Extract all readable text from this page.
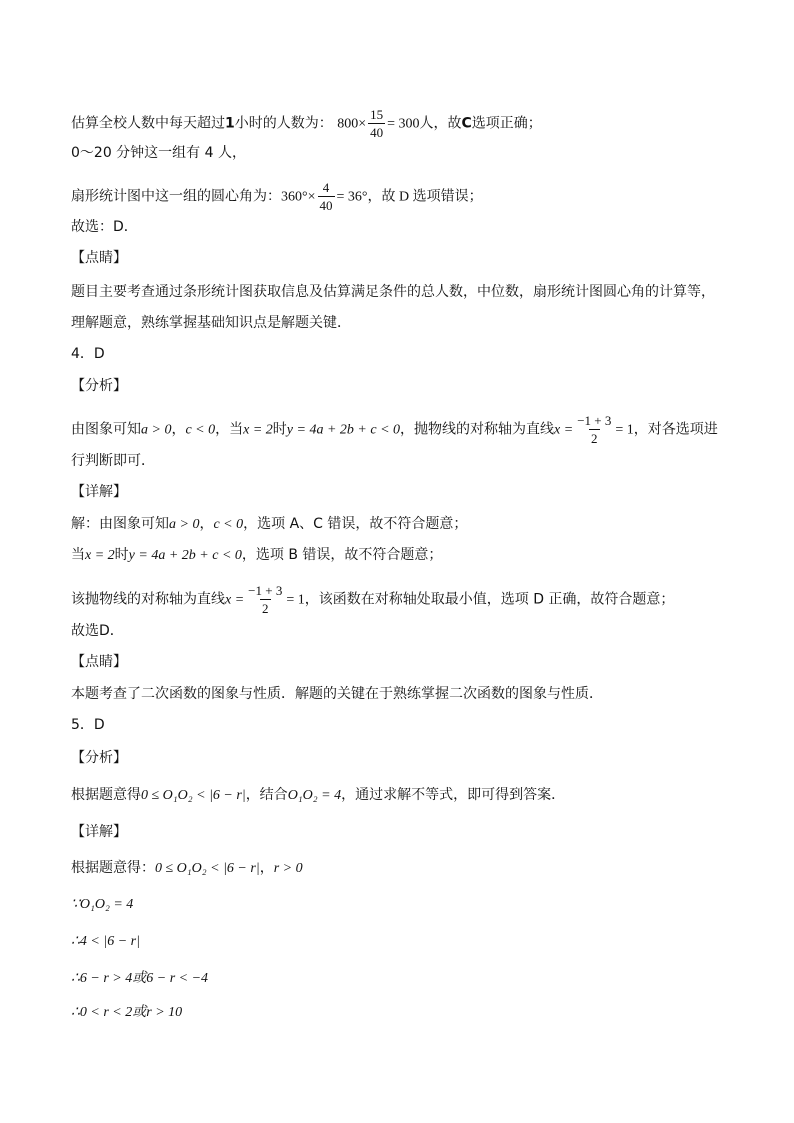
估算全校人数中每天超过1小时的人数为： $800\times \frac{15}{40} = 300$人，故C选项正确；
0～20 分钟这一组有 4 人，
扇形统计图中这一组的圆心角为：$360^\circ\times \frac{4}{40} = 36^\circ$，故 D 选项错误；
故选：D．
【点睛】
题目主要考查通过条形统计图获取信息及估算满足条件的总人数，中位数，扇形统计图圆心角的计算等，
理解题意，熟练掌握基础知识点是解题关键．
4．D
【分析】
由图象可知a > 0，c < 0，当x = 2时y = 4a + 2b + c < 0，抛物线的对称轴为直线$x = \frac{-1 + 3}{2} = 1$，对各选项进
行判断即可．
【详解】
解：由图象可知a > 0，c < 0，选项 A、C 错误，故不符合题意；
当x = 2时y = 4a + 2b + c < 0，选项 B 错误，故不符合题意；
该抛物线的对称轴为直线$x = \frac{-1 + 3}{2} = 1$，该函数在对称轴处取最小值，选项 D 正确，故符合题意；
故选D．
【点睛】
本题考查了二次函数的图象与性质．解题的关键在于熟练掌握二次函数的图象与性质．
5．D
【分析】
根据题意得0 ≤ O₁O₂ < |6 − r|，结合O₁O₂ = 4，通过求解不等式，即可得到答案．
【详解】
根据题意得：0 ≤ O₁O₂ < |6 − r|，r > 0
∵O₁O₂ = 4
∴4 < |6 − r|
∴6 − r > 4或6 − r < −4
∴0 < r < 2或r > 10
